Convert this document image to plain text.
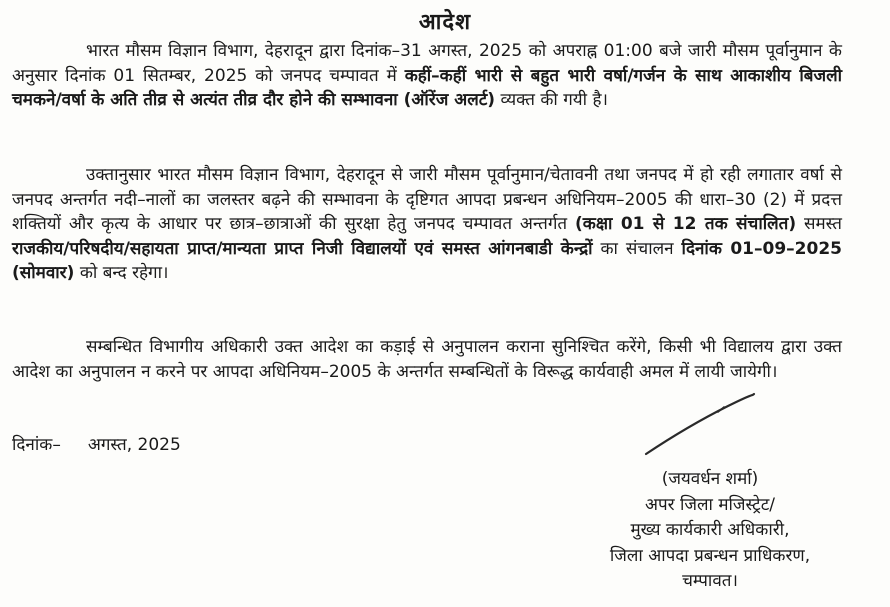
आदेश
भारत मौसम विज्ञान विभाग, देहरादून द्वारा दिनांक–31 अगस्त, 2025 को अपराह्न 01:00 बजे जारी मौसम पूर्वानुमान के अनुसार दिनांक 01 सितम्बर, 2025 को जनपद चम्पावत में कहीं–कहीं भारी से बहुत भारी वर्षा/गर्जन के साथ आकाशीय बिजली चमकने/वर्षा के अति तीव्र से अत्यंत तीव्र दौर होने की सम्भावना (ऑरेंज अलर्ट) व्यक्त की गयी है।
उक्तानुसार भारत मौसम विज्ञान विभाग, देहरादून से जारी मौसम पूर्वानुमान/चेतावनी तथा जनपद में हो रही लगातार वर्षा से जनपद अन्तर्गत नदी–नालों का जलस्तर बढ़ने की सम्भावना के दृष्टिगत आपदा प्रबन्धन अधिनियम–2005 की धारा–30 (2) में प्रदत्त शक्तियों और कृत्य के आधार पर छात्र–छात्राओं की सुरक्षा हेतु जनपद चम्पावत अन्तर्गत (कक्षा 01 से 12 तक संचालित) समस्त राजकीय/परिषदीय/सहायता प्राप्त/मान्यता प्राप्त निजी विद्यालयों एवं समस्त आंगनबाडी केन्द्रों का संचालन दिनांक 01–09–2025 (सोमवार) को बन्द रहेगा।
सम्बन्धित विभागीय अधिकारी उक्त आदेश का कड़ाई से अनुपालन कराना सुनिश्चित करेंगे, किसी भी विद्यालय द्वारा उक्त आदेश का अनुपालन न करने पर आपदा अधिनियम–2005 के अन्तर्गत सम्बन्धितों के विरूद्ध कार्यवाही अमल में लायी जायेगी।
दिनांक–     अगस्त, 2025
(जयवर्धन शर्मा)
अपर जिला मजिस्ट्रेट/
मुख्य कार्यकारी अधिकारी,
जिला आपदा प्रबन्धन प्राधिकरण,
चम्पावत।
